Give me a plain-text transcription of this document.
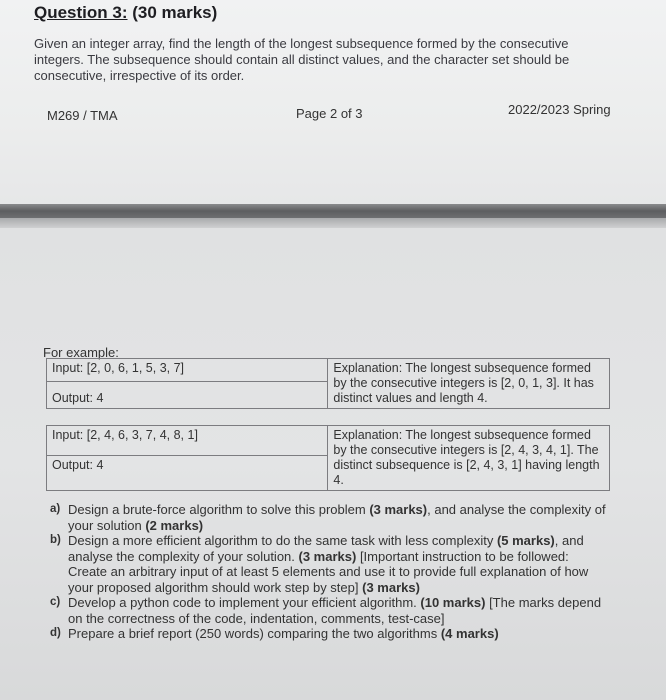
Question 3: (30 marks)
Given an integer array, find the length of the longest subsequence formed by the consecutive integers. The subsequence should contain all distinct values, and the character set should be consecutive, irrespective of its order.
M269 / TMA	Page 2 of 3	2022/2023 Spring
For example:
Input: [2, 0, 6, 1, 5, 3, 7]	Explanation: The longest subsequence formed by the consecutive integers is [2, 0, 1, 3]. It has distinct values and length 4.
Output: 4
Input: [2, 4, 6, 3, 7, 4, 8, 1]	Explanation: The longest subsequence formed by the consecutive integers is [2, 4, 3, 4, 1]. The distinct subsequence is [2, 4, 3, 1] having length 4.
Output: 4
a) Design a brute-force algorithm to solve this problem (3 marks), and analyse the complexity of your solution (2 marks)
b) Design a more efficient algorithm to do the same task with less complexity (5 marks), and analyse the complexity of your solution. (3 marks) [Important instruction to be followed: Create an arbitrary input of at least 5 elements and use it to provide full explanation of how your proposed algorithm should work step by step] (3 marks)
c) Develop a python code to implement your efficient algorithm. (10 marks) [The marks depend on the correctness of the code, indentation, comments, test-case]
d) Prepare a brief report (250 words) comparing the two algorithms (4 marks)
